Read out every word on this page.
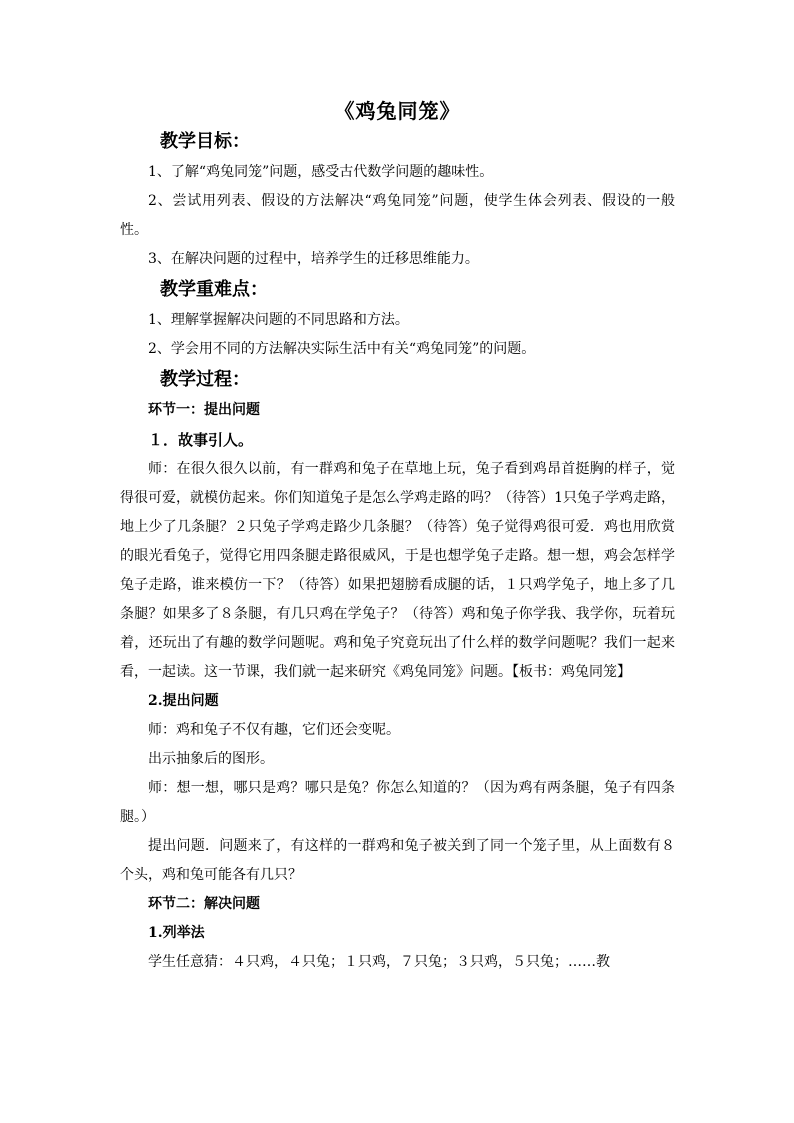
《鸡兔同笼》
教学目标：

1、了解“鸡兔同笼”问题，感受古代数学问题的趣味性。

2、尝试用列表、假设的方法解决“鸡兔同笼”问题，使学生体会列表、假设的一般性。

3、在解决问题的过程中，培养学生的迁移思维能力。

教学重难点：

1、理解掌握解决问题的不同思路和方法。

2、学会用不同的方法解决实际生活中有关“鸡兔同笼”的问题。

教学过程：
环节一：提出问题
１．故事引人。

师：在很久很久以前，有一群鸡和兔子在草地上玩，兔子看到鸡昂首挺胸的样子，觉得很可爱，就模仿起来。你们知道兔子是怎么学鸡走路的吗？（待答）1只兔子学鸡走路，地上少了几条腿？２只兔子学鸡走路少几条腿？（待答）兔子觉得鸡很可爱．鸡也用欣赏的眼光看兔子，觉得它用四条腿走路很威风，于是也想学兔子走路。想一想，鸡会怎样学兔子走路，谁来模仿一下？（待答）如果把翅膀看成腿的话，１只鸡学兔子，地上多了几条腿？如果多了８条腿，有几只鸡在学兔子？（待答）鸡和兔子你学我、我学你，玩着玩着，还玩出了有趣的数学问题呢。鸡和兔子究竟玩出了什么样的数学问题呢？我们一起来看，一起读。这一节课，我们就一起来研究《鸡兔同笼》问题。【板书：鸡兔同笼】

2.提出问题

师：鸡和兔子不仅有趣，它们还会变呢。

出示抽象后的图形。

师：想一想，哪只是鸡？哪只是兔？你怎么知道的？（因为鸡有两条腿，兔子有四条腿。）

提出问题．问题来了，有这样的一群鸡和兔子被关到了同一个笼子里，从上面数有８个头，鸡和兔可能各有几只？

环节二：解决问题
1.列举法

学生任意猜：４只鸡，４只兔；１只鸡，７只兔；３只鸡，５只兔；……教
